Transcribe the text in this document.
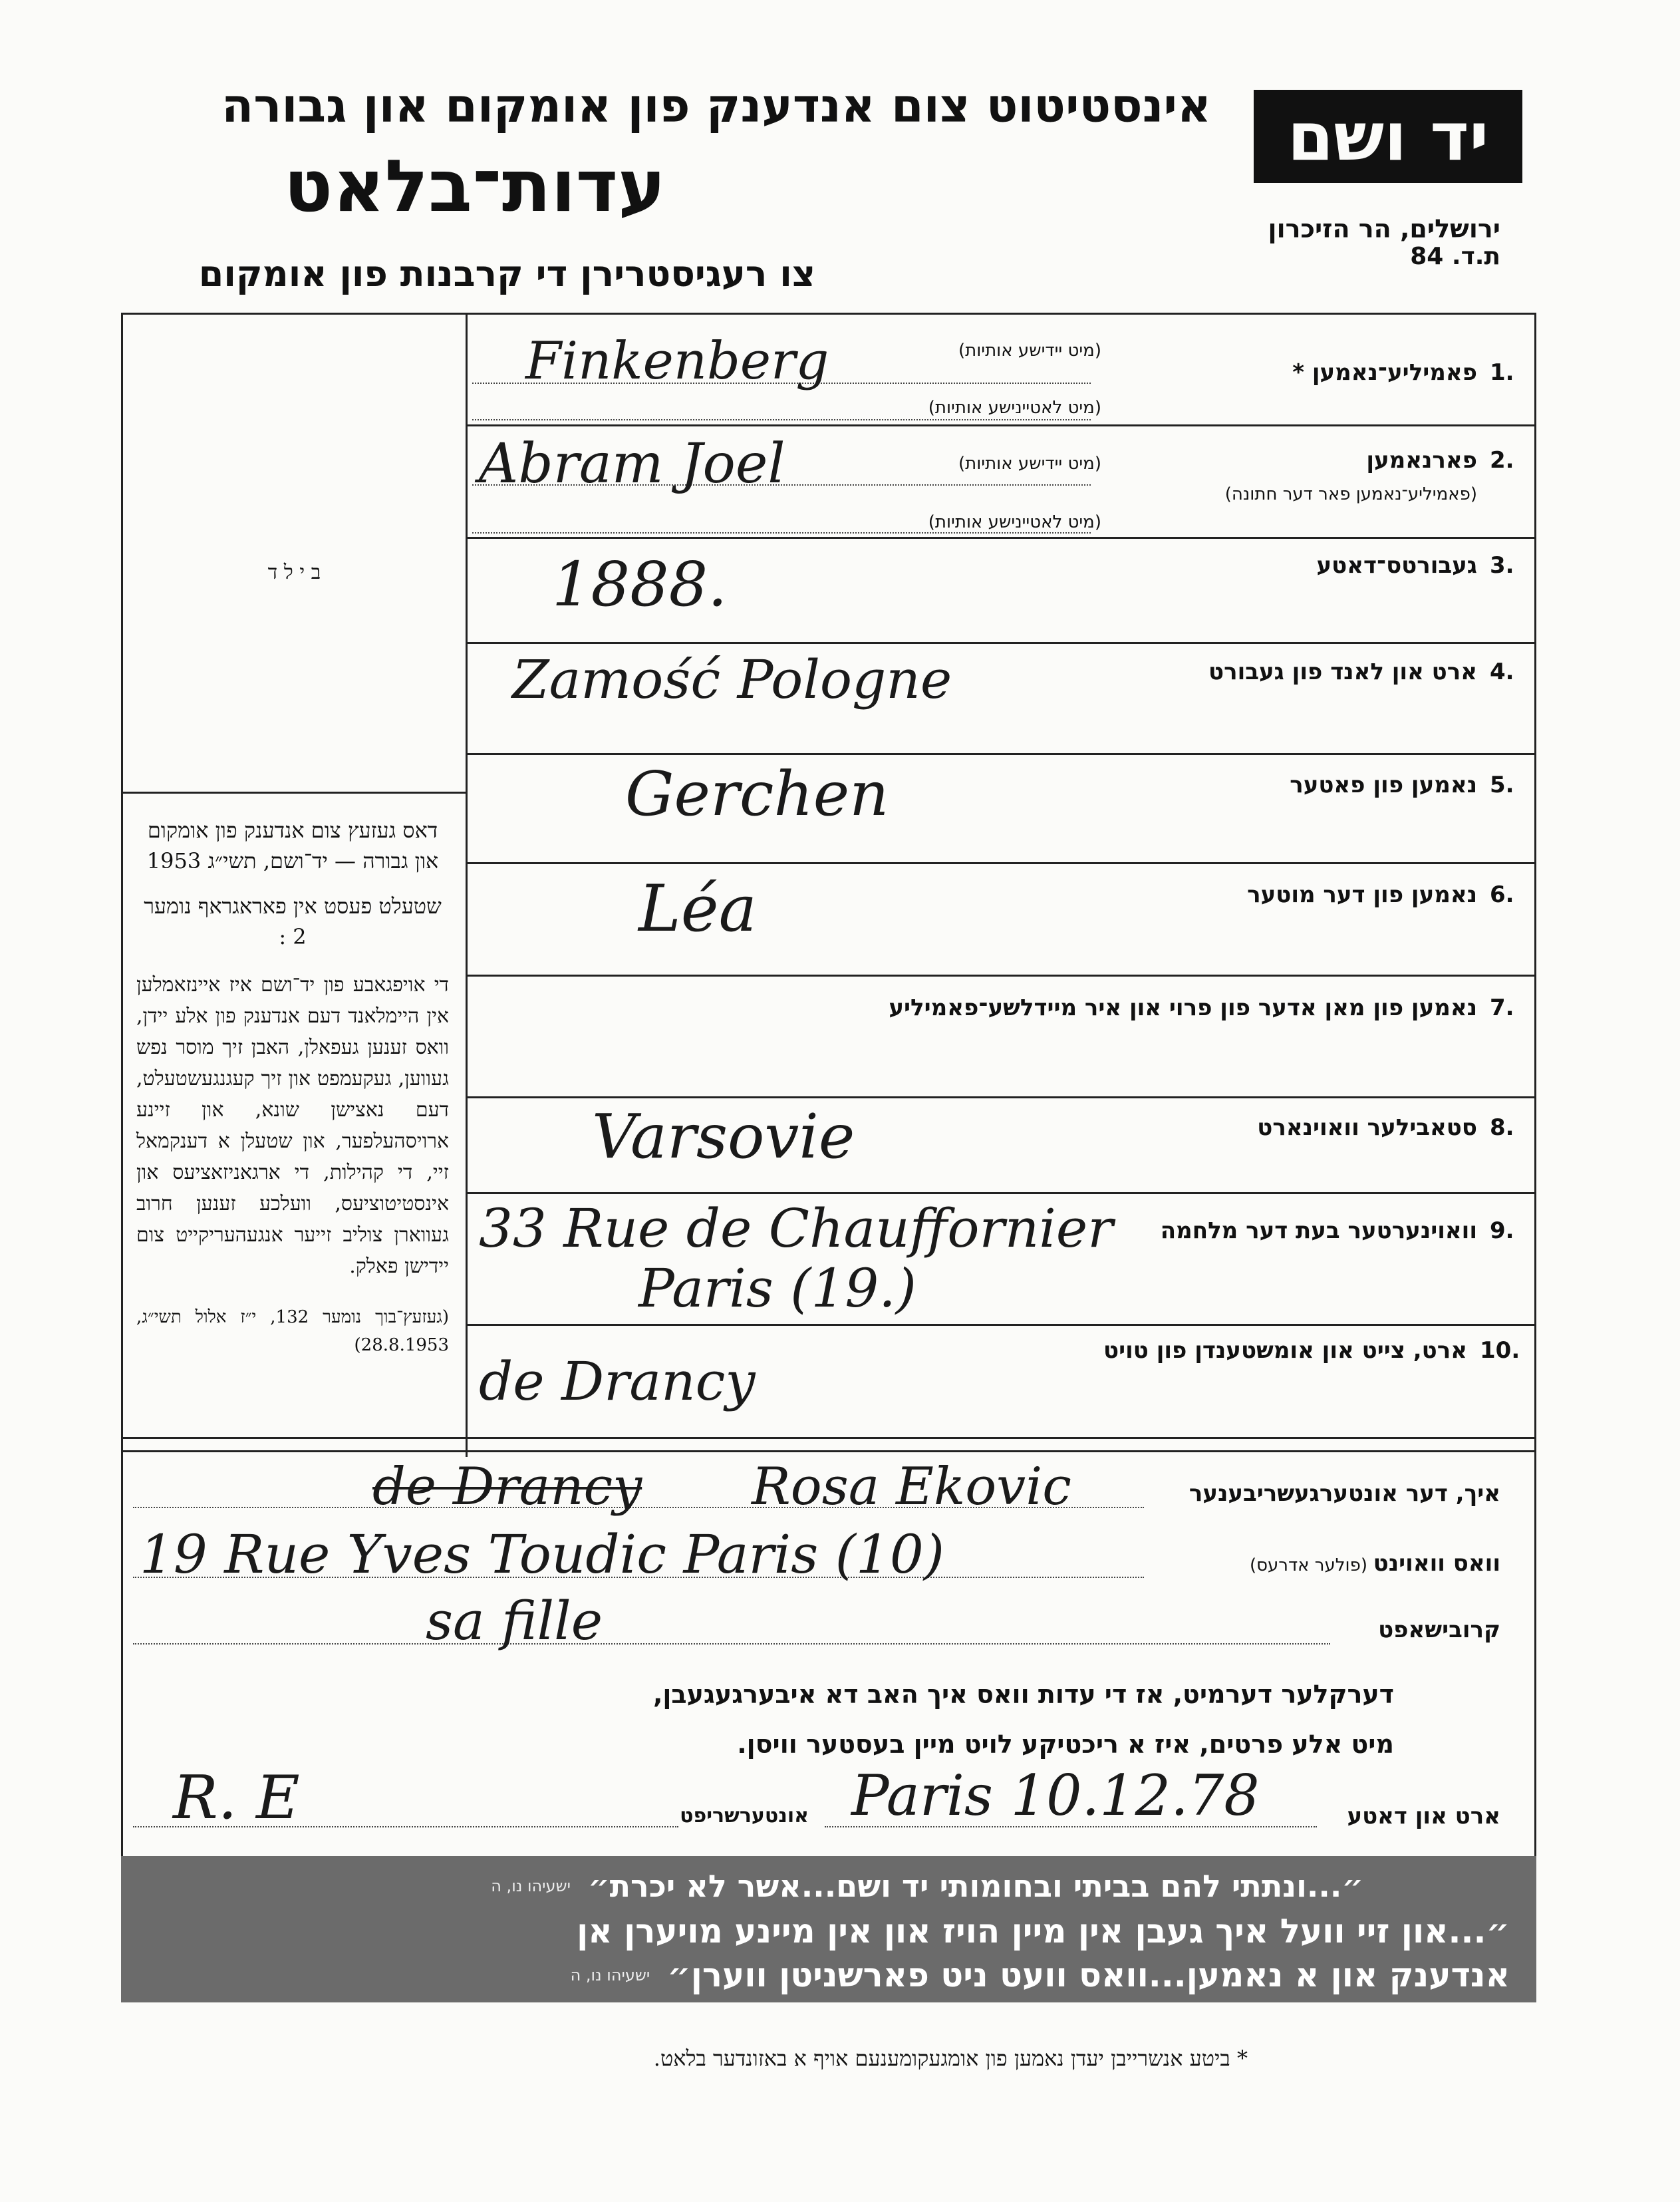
יד ושם
אינסטיטוט צום אנדענק פון אומקום און גבורה
עדות־בלאט
צו רעגיסטרירן די קרבנות פון אומקום
ירושלים, הר הזיכרון
ת.ד. 84
ב י ל ד
דאס געזעץ צום אנדענק פון אומקום און גבורה — יד־ושם, תשי״ג 1953
שטעלט פעסט אין פאראגראף נומער 2 :
די אויפגאבע פון יד־ושם איז איינזאמלען אין היימלאנד דעם אנדענק פון אלע יידן, וואס זענען געפאלן, האבן זיך מוסר נפש געווען, געקעמפט און זיך קעגנגעשטעלט, דעם נאצישן שונא, און זיינע ארויסהעלפער, און שטעלן א דענקמאל זיי, די קהילות, די ארגאניזאציעס און אינסטיטוציעס, וועלכע זענען חרוב געווארן צוליב זייער אנגעהעריקייט צום יידישן פאלק.
(געזעץ־בוך נומער 132, י״ז אלול תשי״ג, 28.8.1953)
1.
פאמיליע־נאמען *
(מיט יידישע אותיות)
(מיט לאטיינישע אותיות)
Finkenberg
2.
פארנאמען
(פאמיליע־נאמען פאר דער חתונה)
(מיט יידישע אותיות)
(מיט לאטיינישע אותיות)
Abram Joel
3.
געבורטס־דאטע
1888.
4.
ארט און לאנד פון געבורט
Zamość Pologne
5.
נאמען פון פאטער
Gerchen
6.
נאמען פון דער מוטער
Léa
7.
נאמען פון מאן אדער פון פרוי און איר מיידלשע־פאמיליע
8.
סטאבילער וואוינארט
Varsovie
9.
וואוינערטער בעת דער מלחמה
33 Rue de Chauffornier
Paris (19.)
10.
ארט, צייט און אומשטענדן פון טויט
de Drancy
איך, דער אונטערגעשריבענער
de Drancy Rosa Ekovic
וואס וואוינט
(פולער אדרעס)
19 Rue Yves Toudic Paris (10)
קרובישאפט
sa fille
דערקלער דערמיט, אז די עדות וואס איך האב דא איבערגעגעבן,
מיט אלע פרטים, איז א ריכטיקע לויט מיין בעסטער וויסן.
ארט און דאטע
Paris 10.12.78
אונטערשריפט
R. E
״...ונתתי להם בביתי ובחומותי יד ושם...אשר לא יכרת״
ישעיהו נו, ה
״...און זיי וועל איך געבן אין מיין הויז און אין מיינע מויערן אן
אנדענק און א נאמען...וואס וועט ניט פארשניטן ווערן״
ישעיהו נו, ה
* ביטע אנשרייבן יעדן נאמען פון אומגעקומענעם אויף א באזונדער בלאט.
